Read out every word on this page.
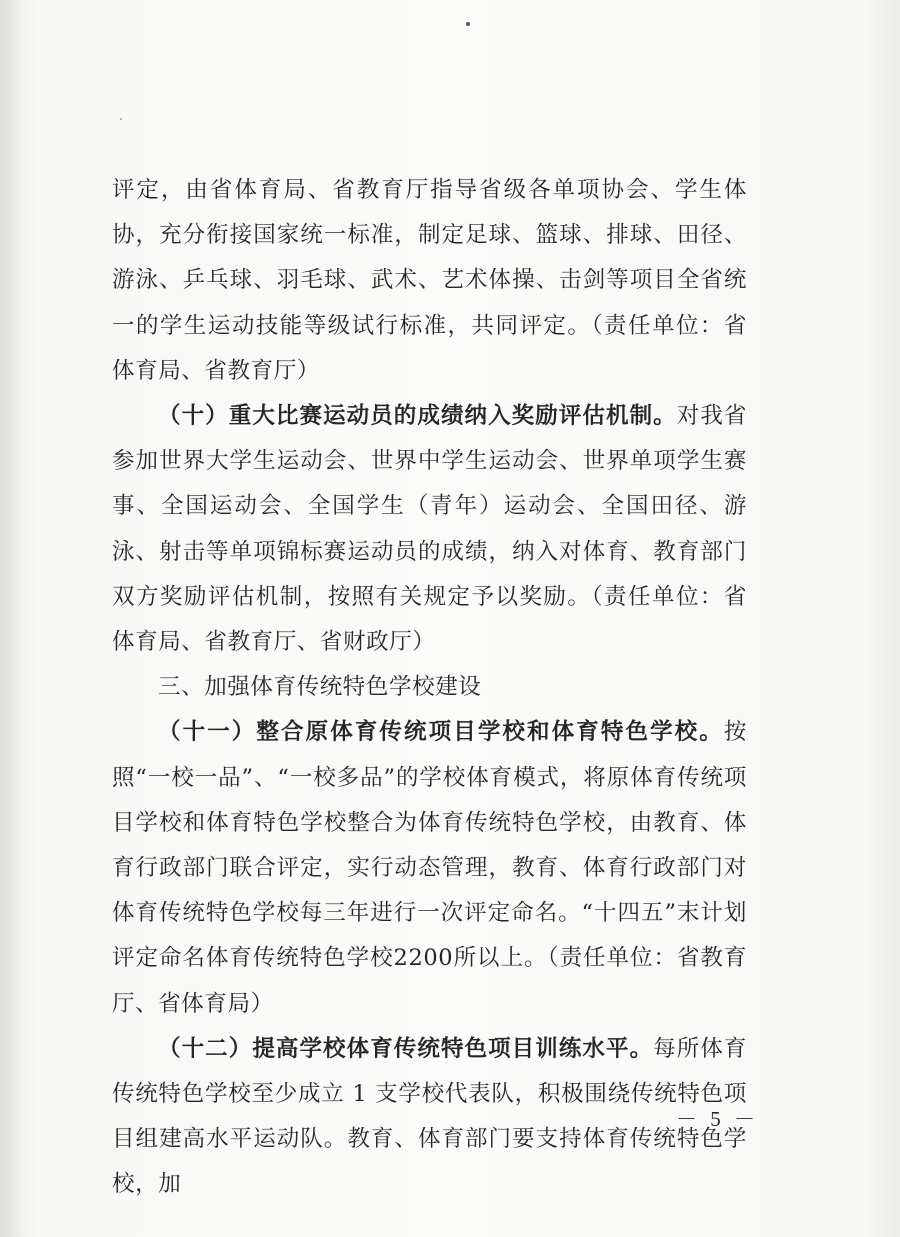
评定，由省体育局、省教育厅指导省级各单项协会、学生体协，充分衔接国家统一标准，制定足球、篮球、排球、田径、游泳、乒乓球、羽毛球、武术、艺术体操、击剑等项目全省统一的学生运动技能等级试行标准，共同评定。（责任单位：省体育局、省教育厅）

（十）重大比赛运动员的成绩纳入奖励评估机制。对我省参加世界大学生运动会、世界中学生运动会、世界单项学生赛事、全国运动会、全国学生（青年）运动会、全国田径、游泳、射击等单项锦标赛运动员的成绩，纳入对体育、教育部门双方奖励评估机制，按照有关规定予以奖励。（责任单位：省体育局、省教育厅、省财政厅）

三、加强体育传统特色学校建设

（十一）整合原体育传统项目学校和体育特色学校。按照“一校一品”、“一校多品”的学校体育模式，将原体育传统项目学校和体育特色学校整合为体育传统特色学校，由教育、体育行政部门联合评定，实行动态管理，教育、体育行政部门对体育传统特色学校每三年进行一次评定命名。“十四五”末计划评定命名体育传统特色学校2200所以上。（责任单位：省教育厅、省体育局）

（十二）提高学校体育传统特色项目训练水平。每所体育传统特色学校至少成立 1 支学校代表队，积极围绕传统特色项目组建高水平运动队。教育、体育部门要支持体育传统特色学校，加

－ 5 －
